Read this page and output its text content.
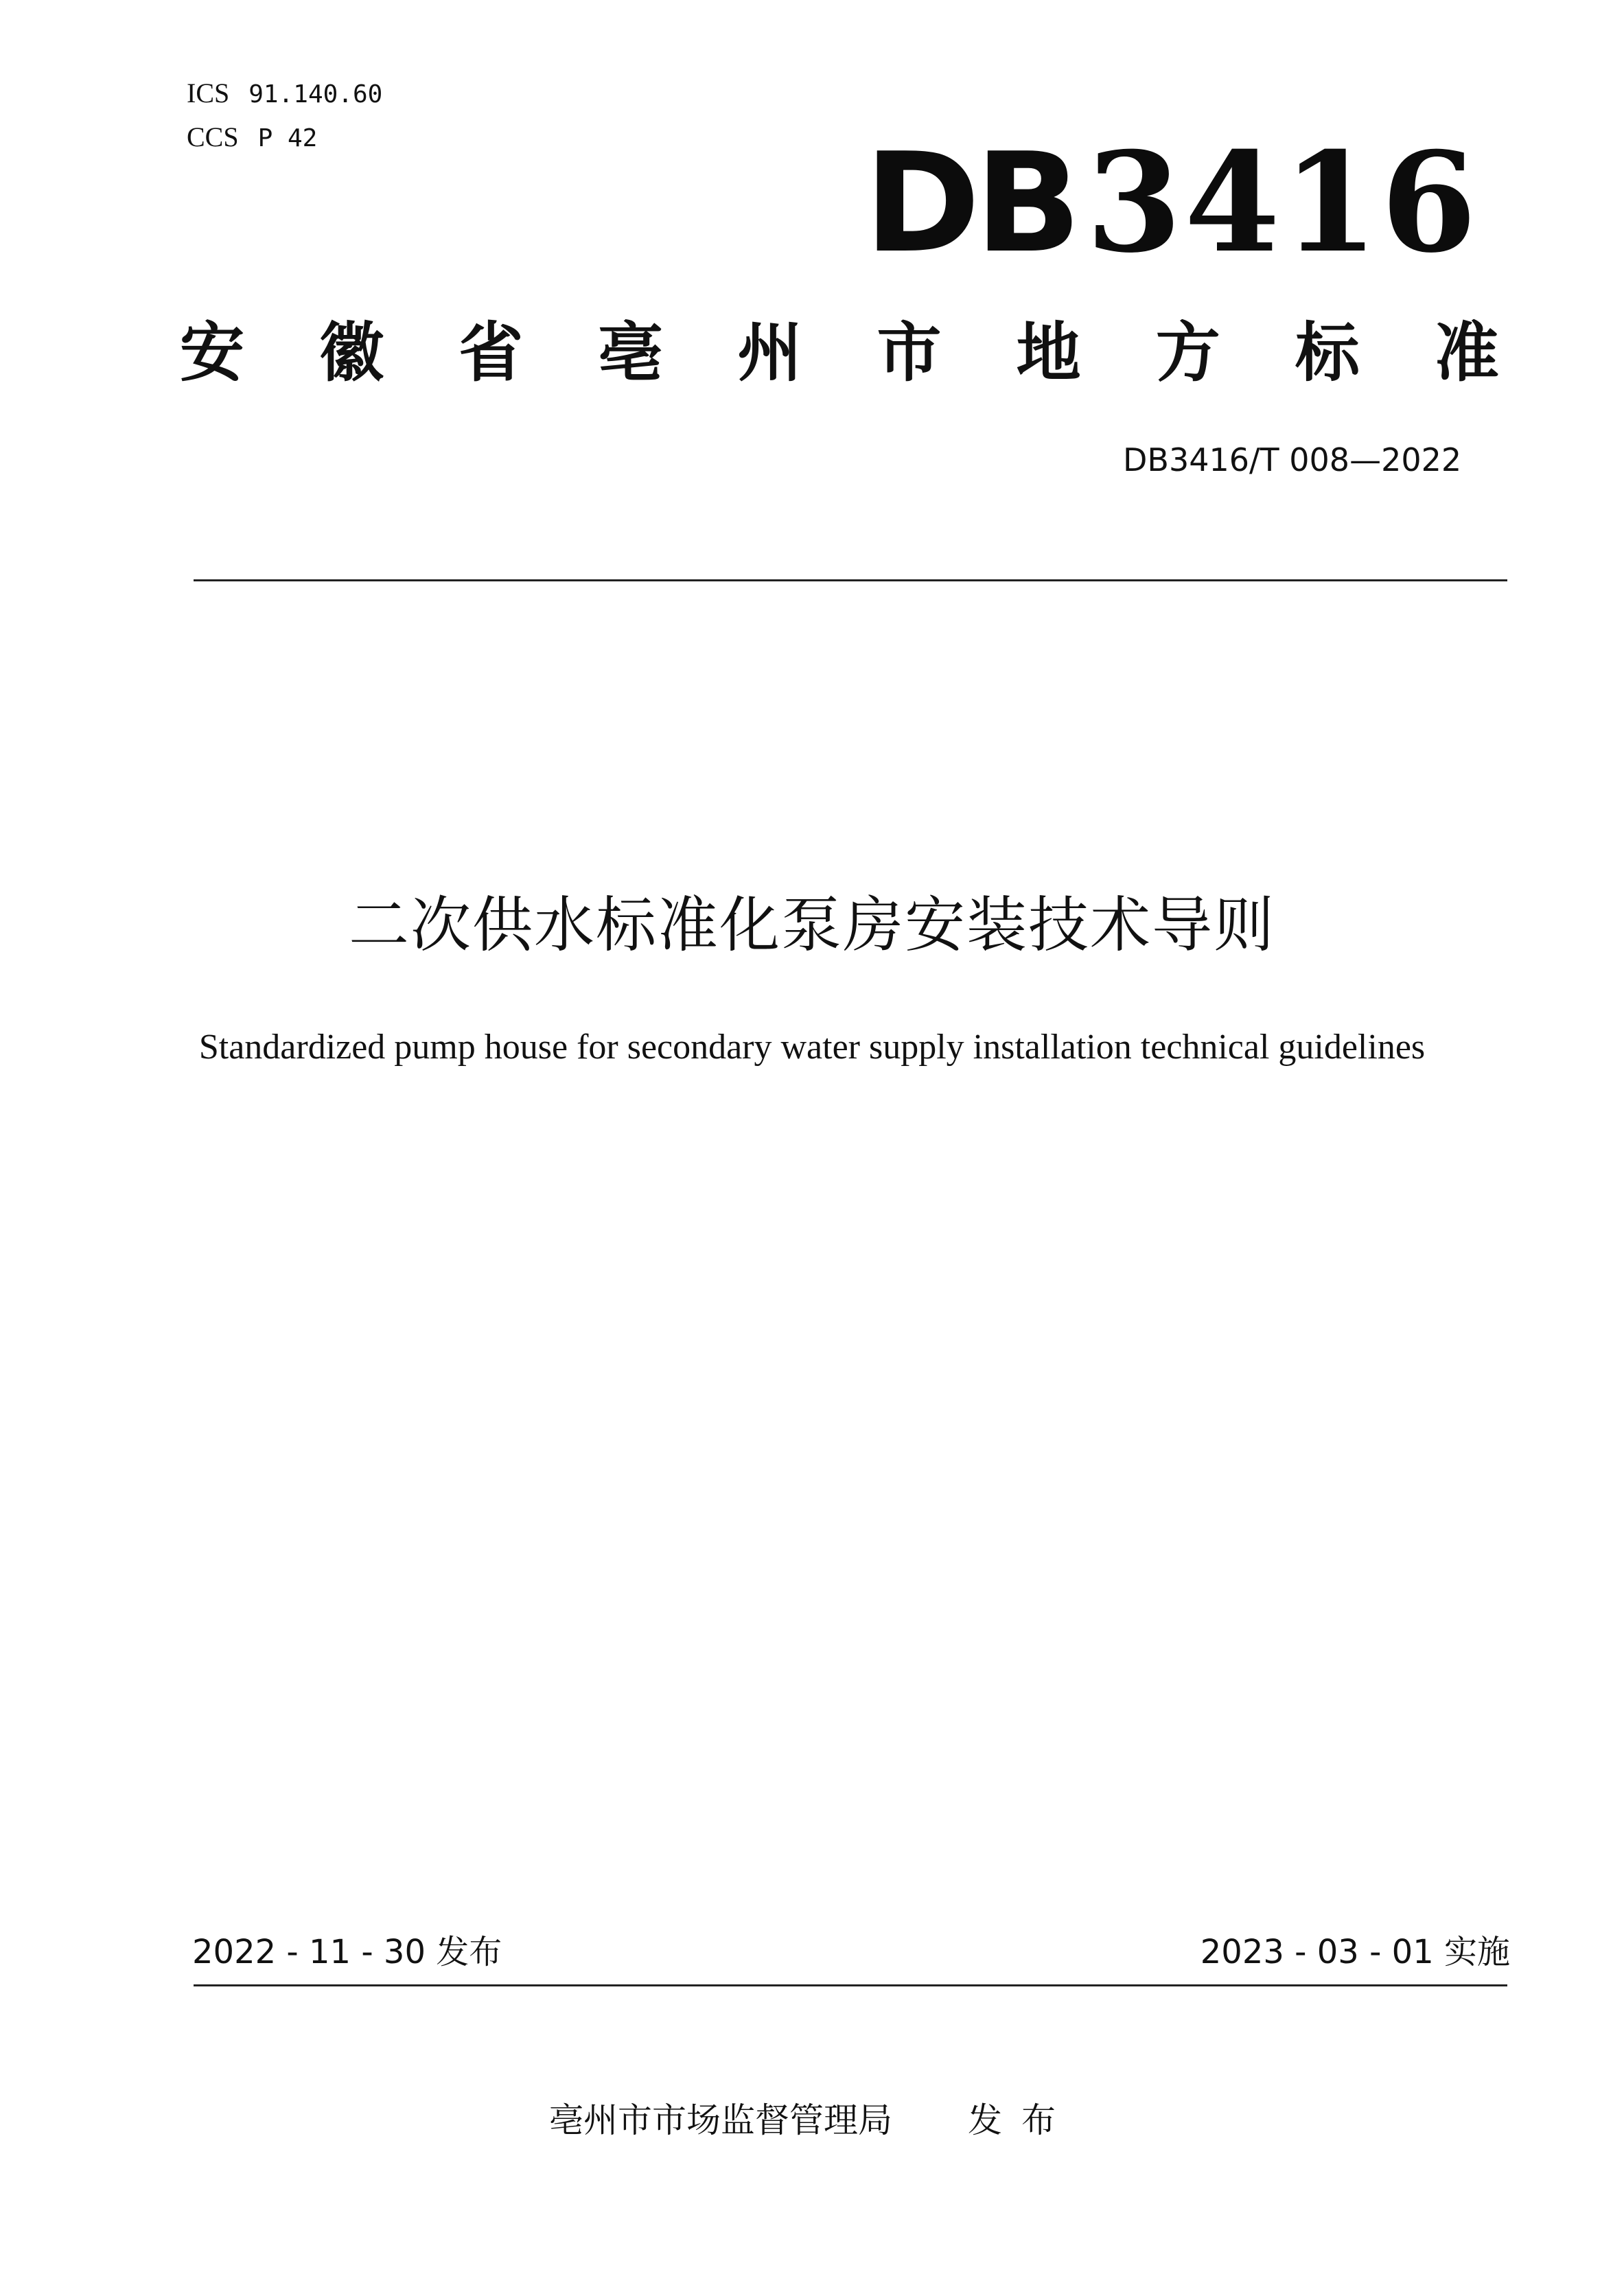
ICS 91.140.60
CCS P 42	DB3416
安 徽 省 亳 州 市 地 方 标 准
DB3416/T 008—2022
二次供水标准化泵房安装技术导则
Standardized pump house for secondary water supply installation technical guidelines
2022 - 11 - 30 发布	2023 - 03 - 01 实施
亳州市市场监督管理局 发布
